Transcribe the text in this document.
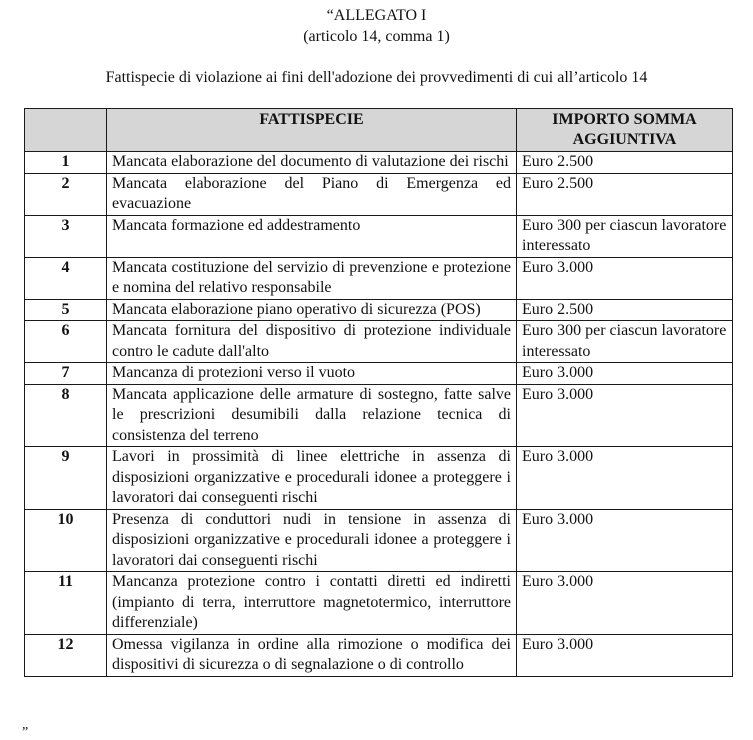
“ALLEGATO I
(articolo 14, comma 1)
Fattispecie di violazione ai fini dell'adozione dei provvedimenti di cui all’articolo 14
	FATTISPECIE	IMPORTO SOMMA AGGIUNTIVA
1	Mancata elaborazione del documento di valutazione dei rischi	Euro 2.500
2	Mancata elaborazione del Piano di Emergenza ed evacuazione	Euro 2.500
3	Mancata formazione ed addestramento	Euro 300 per ciascun lavoratore interessato
4	Mancata costituzione del servizio di prevenzione e protezione e nomina del relativo responsabile	Euro 3.000
5	Mancata elaborazione piano operativo di sicurezza (POS)	Euro 2.500
6	Mancata fornitura del dispositivo di protezione individuale contro le cadute dall'alto	Euro 300 per ciascun lavoratore interessato
7	Mancanza di protezioni verso il vuoto	Euro 3.000
8	Mancata applicazione delle armature di sostegno, fatte salve le prescrizioni desumibili dalla relazione tecnica di consistenza del terreno	Euro 3.000
9	Lavori in prossimità di linee elettriche in assenza di disposizioni organizzative e procedurali idonee a proteggere i lavoratori dai conseguenti rischi	Euro 3.000
10	Presenza di conduttori nudi in tensione in assenza di disposizioni organizzative e procedurali idonee a proteggere i lavoratori dai conseguenti rischi	Euro 3.000
11	Mancanza protezione contro i contatti diretti ed indiretti (impianto di terra, interruttore magnetotermico, interruttore differenziale)	Euro 3.000
12	Omessa vigilanza in ordine alla rimozione o modifica dei dispositivi di sicurezza o di segnalazione o di controllo	Euro 3.000
”
